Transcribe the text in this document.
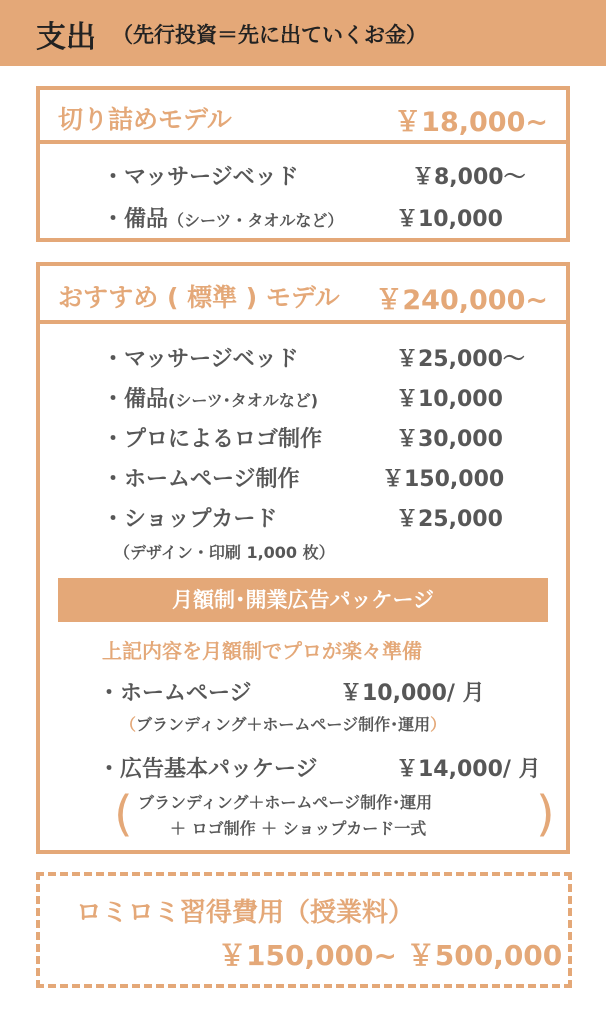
支出 （先行投資＝先に出ていくお金）
切り詰めモデル	￥18,000~
・マッサージベッド	￥8,000～
・備品（シーツ・タオルなど） ￥10,000
おすすめ ( 標準 ) モデル ￥240,000~
・マッサージベッド	￥25,000～
・備品(シーツ･タオルなど)	￥10,000
・プロによるロゴ制作	￥30,000
・ホームページ制作	￥150,000
・ショップカード	￥25,000
（デザイン・印刷 1,000 枚）
月額制･開業広告パッケージ
上記内容を月額制でプロが楽々準備
・ホームページ	￥10,000/ 月
（ブランディング＋ホームページ制作･運用）
・広告基本パッケージ	￥14,000/ 月
( ブランディング＋ホームページ制作･運用
＋ ロゴ制作 ＋ ショップカード一式 )
ロミロミ習得費用（授業料）
￥150,000~ ￥500,000
